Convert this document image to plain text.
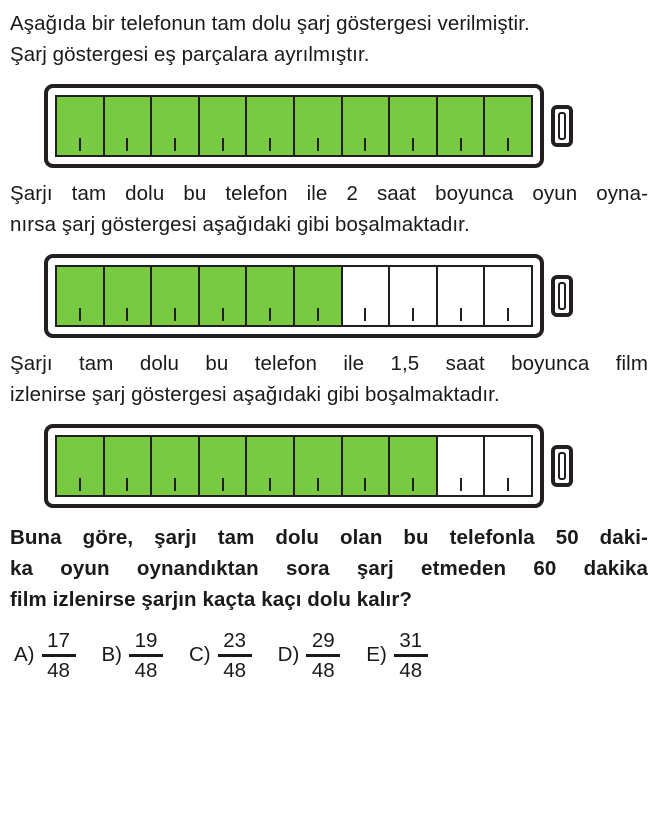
Aşağıda bir telefonun tam dolu şarj göstergesi verilmiştir.
Şarj göstergesi eş parçalara ayrılmıştır.

Şarjı tam dolu bu telefon ile 2 saat boyunca oyun oyna-
nırsa şarj göstergesi aşağıdaki gibi boşalmaktadır.

Şarjı tam dolu bu telefon ile 1,5 saat boyunca film
izlenirse şarj göstergesi aşağıdaki gibi boşalmaktadır.

Buna göre, şarjı tam dolu olan bu telefonla 50 daki-
ka oyun oynandıktan sora şarj etmeden 60 dakika
film izlenirse şarjın kaçta kaçı dolu kalır?

$A) \frac{17}{48} B) \frac{19}{48} C) \frac{23}{48} D) \frac{29}{48} E) \frac{31}{48}$
